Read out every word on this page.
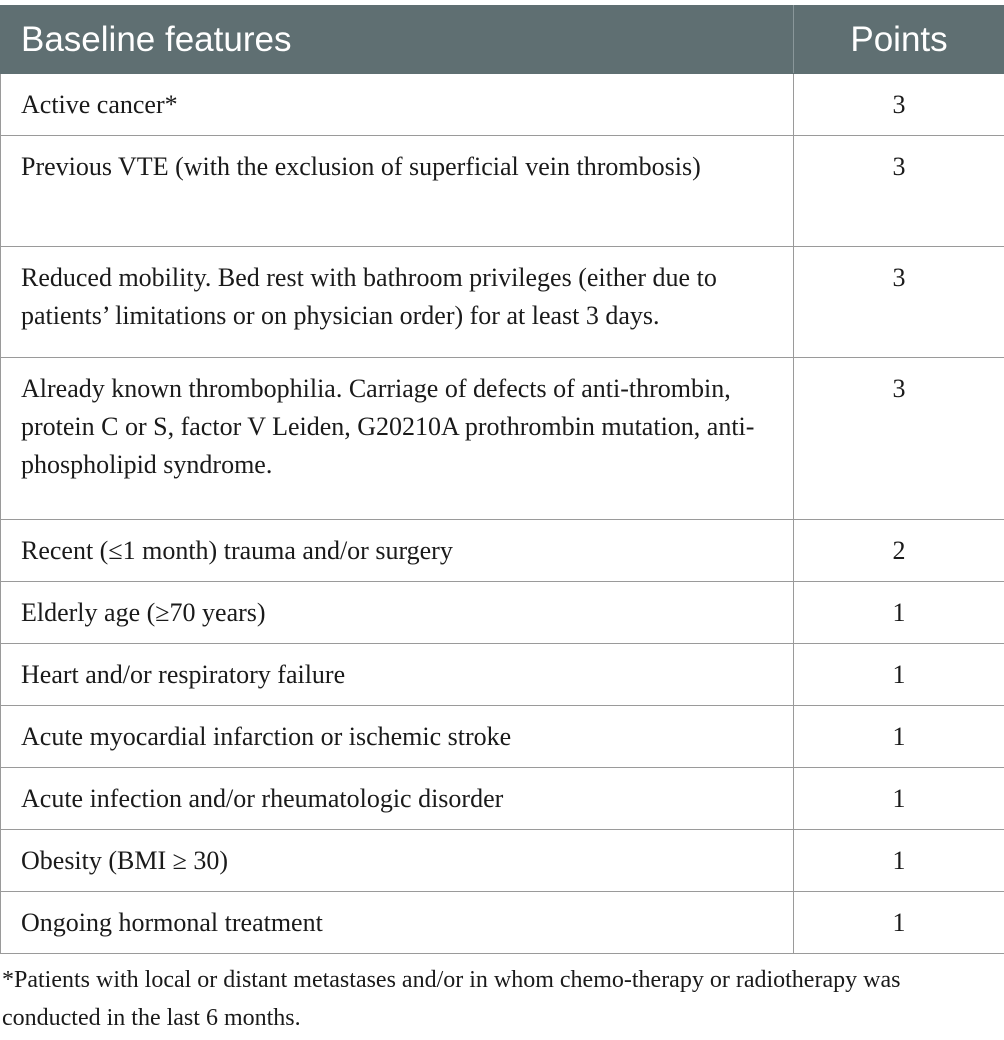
Baseline features	Points
Active cancer*	3
Previous VTE (with the exclusion of superficial vein thrombosis)	3
Reduced mobility. Bed rest with bathroom privileges (either due to patients’ limitations or on physician order) for at least 3 days.	3
Already known thrombophilia. Carriage of defects of anti-thrombin, protein C or S, factor V Leiden, G20210A prothrombin mutation, anti-phospholipid syndrome.	3
Recent (≤1 month) trauma and/or surgery	2
Elderly age (≥70 years)	1
Heart and/or respiratory failure	1
Acute myocardial infarction or ischemic stroke	1
Acute infection and/or rheumatologic disorder	1
Obesity (BMI ≥ 30)	1
Ongoing hormonal treatment	1
*Patients with local or distant metastases and/or in whom chemo-therapy or radiotherapy was conducted in the last 6 months.
